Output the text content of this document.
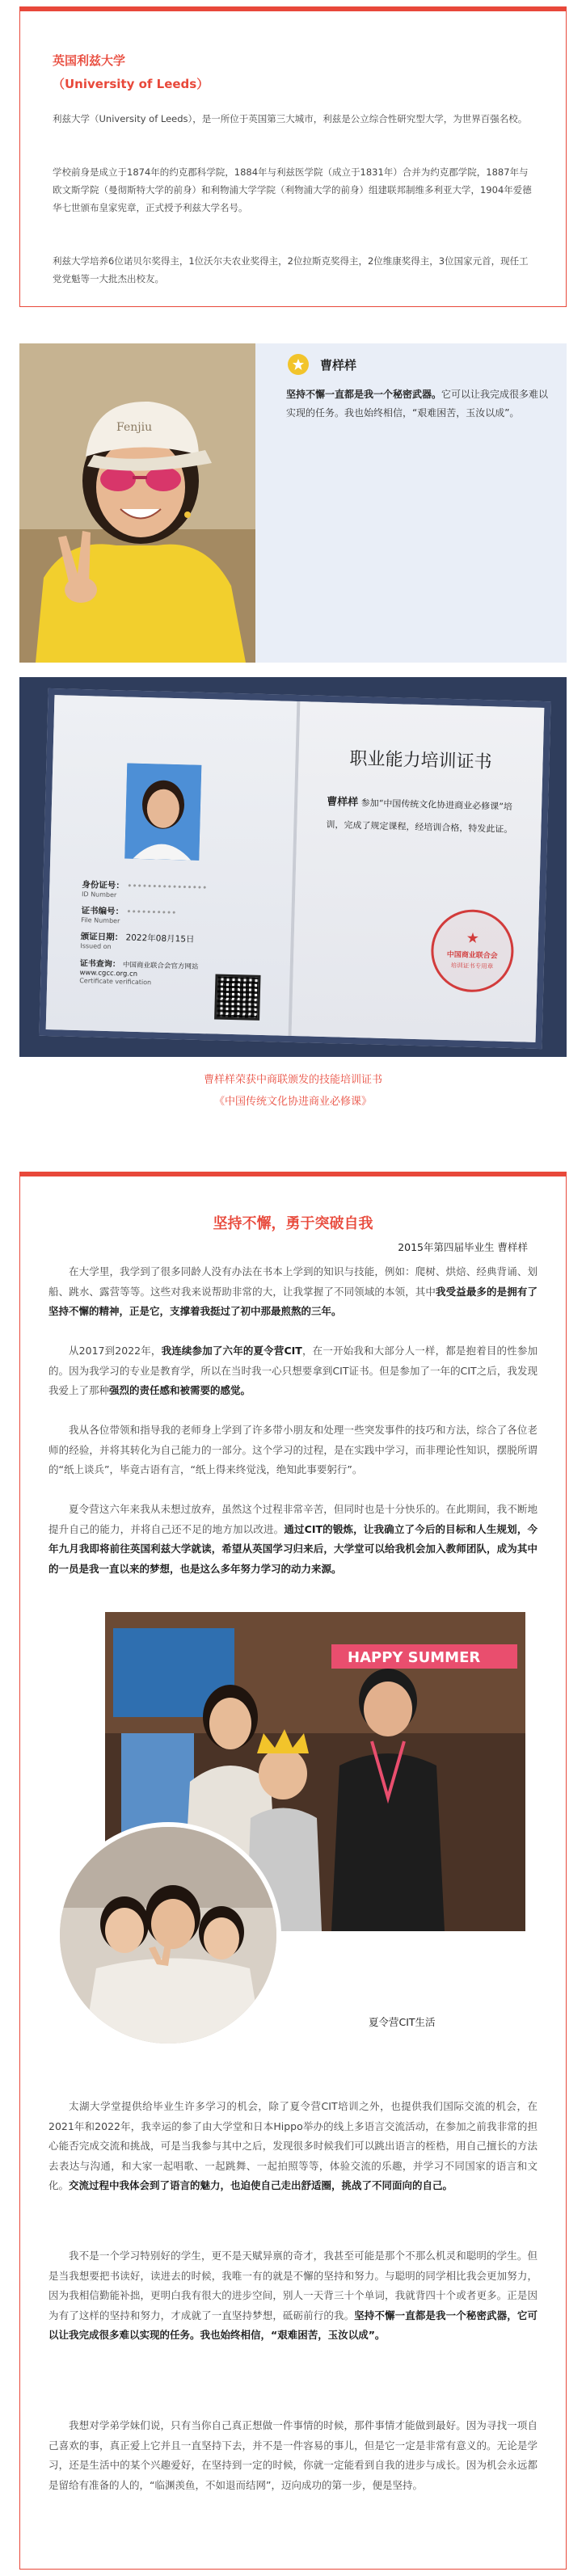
英国利兹大学
（University of Leeds）

利兹大学（University of Leeds），是一所位于英国第三大城市，利兹是公立综合性研究型大学，为世界百强名校。

学校前身是成立于1874年的约克郡科学院，1884年与利兹医学院（成立于1831年）合并为约克郡学院，1887年与欧文斯学院（曼彻斯特大学的前身）和利物浦大学学院（利物浦大学的前身）组建联邦制维多利亚大学，1904年爱德华七世颁布皇家宪章，正式授予利兹大学名号。

利兹大学培养6位诺贝尔奖得主，1位沃尔夫农业奖得主，2位拉斯克奖得主，2位维康奖得主，3位国家元首，现任工党党魁等一大批杰出校友。

Fenjiu
曹样样
坚持不懈一直都是我一个秘密武器。它可以让我完成很多难以实现的任务。我也始终相信，“艰难困苦，玉汝以成”。
身份证号： ••••••••••••••••
ID Number
证书编号： ••••••••••
File Number
颁证日期： 2022年08月15日
Issued on
证书查询： 中国商业联合会官方网站 www.cgcc.org.cn
Certificate verification
职业能力培训证书
曹样样 参加“中国传统文化协进商业必修课”培训，完成了规定课程，经培训合格，特发此证。
★
中国商业联合会
培训证书专用章
曹样样荣获中商联颁发的技能培训证书
《中国传统文化协进商业必修课》
坚持不懈，勇于突破自我
2015年第四届毕业生 曹样样
在大学里，我学到了很多同龄人没有办法在书本上学到的知识与技能，例如：爬树、烘焙、经典背诵、划船、跳水、露营等等。这些对我来说帮助非常的大，让我掌握了不同领域的本领，其中我受益最多的是拥有了坚持不懈的精神，正是它，支撑着我挺过了初中那最煎熬的三年。
从2017到2022年，我连续参加了六年的夏令营CIT，在一开始我和大部分人一样，都是抱着目的性参加的。因为我学习的专业是教育学，所以在当时我一心只想要拿到CIT证书。但是参加了一年的CIT之后，我发现我爱上了那种强烈的责任感和被需要的感觉。
我从各位带领和指导我的老师身上学到了许多带小朋友和处理一些突发事件的技巧和方法，综合了各位老师的经验，并将其转化为自己能力的一部分。这个学习的过程，是在实践中学习，而非理论性知识，摆脱所谓的“纸上谈兵”，毕竟古语有言，“纸上得来终觉浅，绝知此事要躬行”。
夏令营这六年来我从未想过放弃，虽然这个过程非常辛苦，但同时也是十分快乐的。在此期间，我不断地提升自己的能力，并将自己还不足的地方加以改进。通过CIT的锻炼，让我确立了今后的目标和人生规划，今年九月我即将前往英国利兹大学就读，希望从英国学习归来后，大学堂可以给我机会加入教师团队，成为其中的一员是我一直以来的梦想，也是这么多年努力学习的动力来源。
HAPPY SUMMER
夏令营CIT生活
太湖大学堂提供给毕业生许多学习的机会，除了夏令营CIT培训之外，也提供我们国际交流的机会，在2021年和2022年，我幸运的参了由大学堂和日本Hippo举办的线上多语言交流活动，在参加之前我非常的担心能否完成交流和挑战，可是当我参与其中之后，发现很多时候我们可以跳出语言的桎梏，用自己擅长的方法去表达与沟通，和大家一起唱歌、一起跳舞、一起拍照等等，体验交流的乐趣，并学习不同国家的语言和文化。交流过程中我体会到了语言的魅力，也迫使自己走出舒适圈，挑战了不同面向的自己。
我不是一个学习特别好的学生，更不是天赋异禀的奇才，我甚至可能是那个不那么机灵和聪明的学生。但是当我想要把书读好，读进去的时候，我唯一有的就是不懈的坚持和努力。与聪明的同学相比我会更加努力，因为我相信勤能补拙，更明白我有很大的进步空间，别人一天背三十个单词，我就背四十个或者更多。正是因为有了这样的坚持和努力，才成就了一直坚持梦想，砥砺前行的我。坚持不懈一直都是我一个秘密武器，它可以让我完成很多难以实现的任务。我也始终相信，“艰难困苦，玉汝以成”。
我想对学弟学妹们说，只有当你自己真正想做一件事情的时候，那件事情才能做到最好。因为寻找一项自己喜欢的事，真正爱上它并且一直坚持下去，并不是一件容易的事儿，但是它一定是非常有意义的。无论是学习，还是生活中的某个兴趣爱好，在坚持到一定的时候，你就一定能看到自我的进步与成长。因为机会永远都是留给有准备的人的，“临渊羡鱼，不如退而结网”，迈向成功的第一步，便是坚持。
